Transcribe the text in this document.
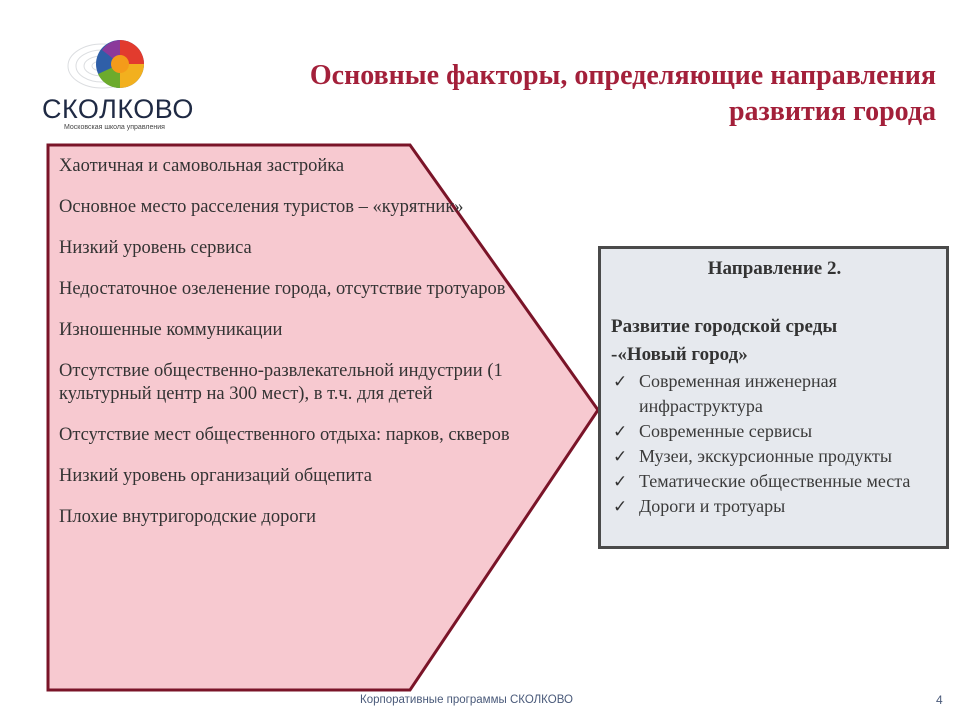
СКОЛКОВО
Московская школа управления
Основные факторы, определяющие направления
развития города

Хаотичная и самовольная застройка

Основное место расселения туристов – «курятник»

Низкий уровень сервиса

Недостаточное озеленение города, отсутствие тротуаров

Изношенные коммуникации

Отсутствие общественно-развлекательной индустрии (1 культурный центр на 300 мест), в т.ч. для детей

Отсутствие мест общественного отдыха: парков, скверов

Низкий уровень организаций общепита

Плохие внутригородские дороги

Направление 2.
Развитие городской среды
-«Новый город»
✓ Современная инженерная инфраструктура
✓ Современные сервисы
✓ Музеи, экскурсионные продукты
✓ Тематические общественные места
✓ Дороги и тротуары
Корпоративные программы СКОЛКОВО	4
